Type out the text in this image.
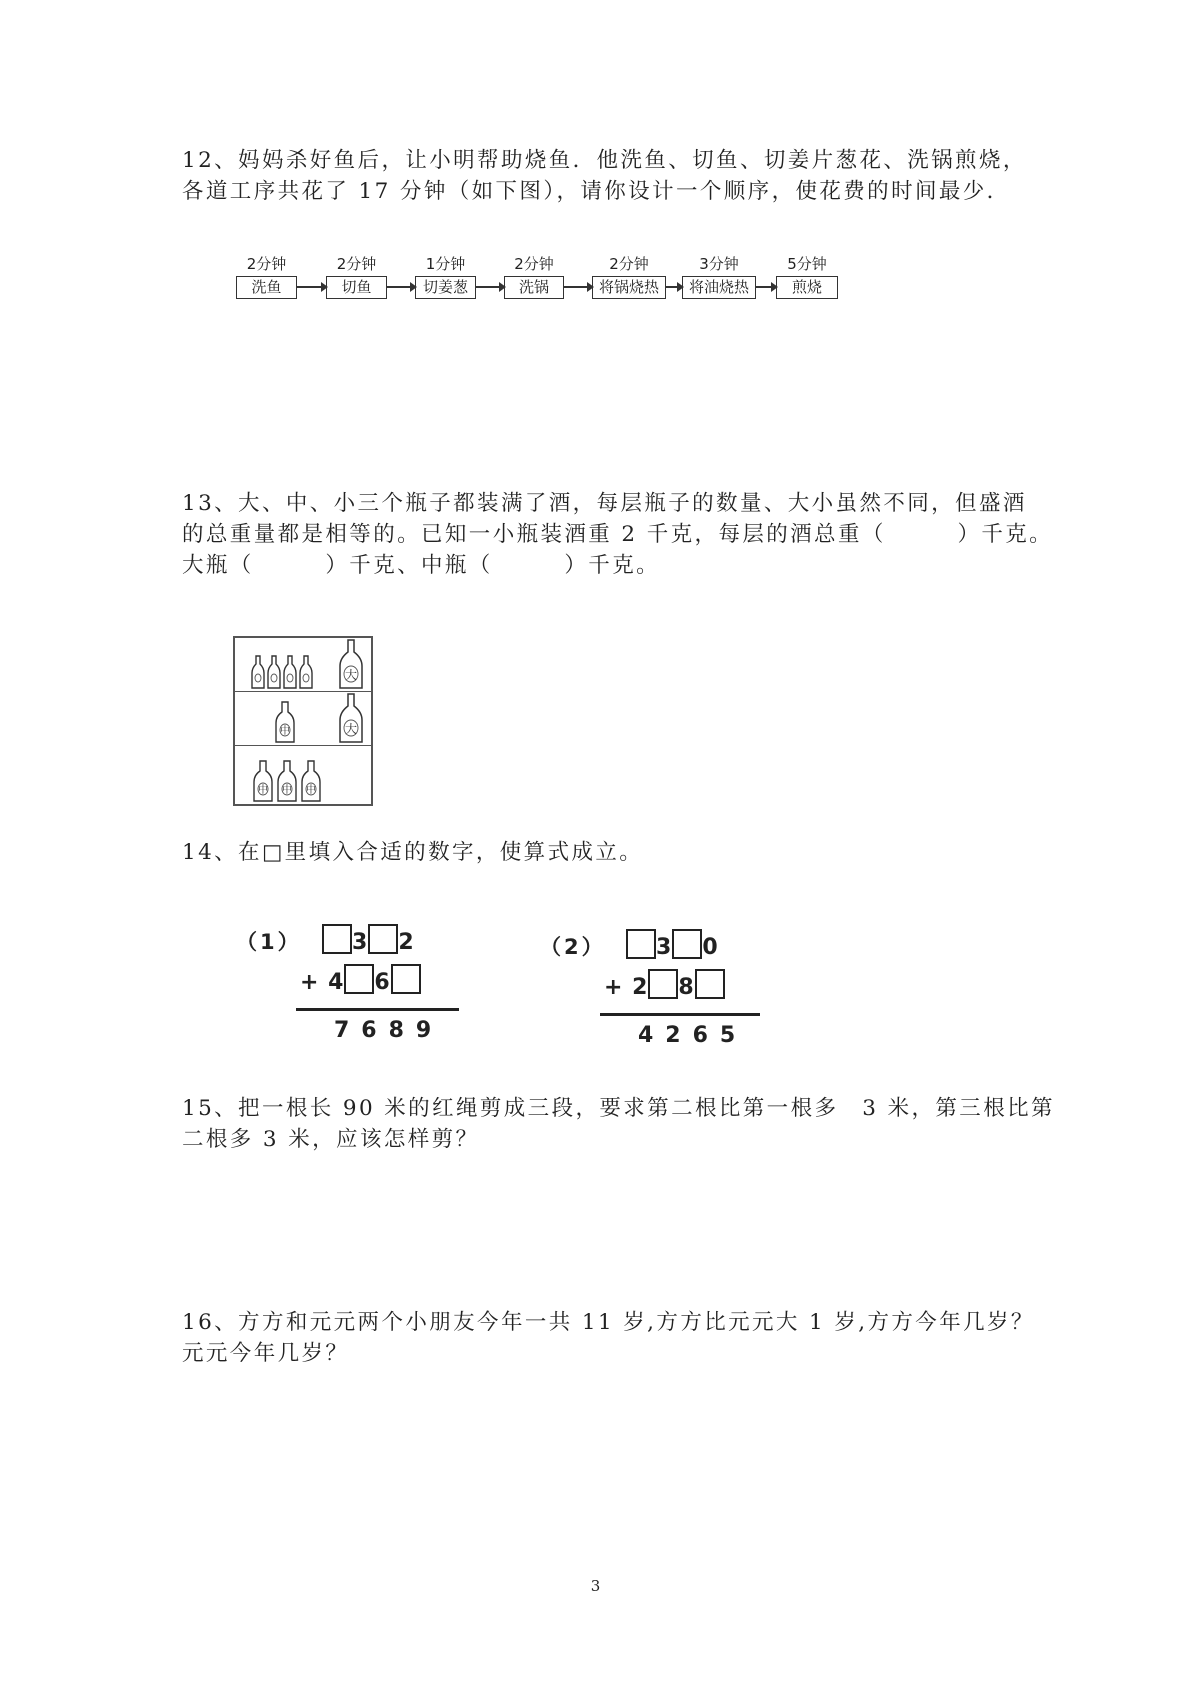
12、妈妈杀好鱼后，让小明帮助烧鱼．他洗鱼、切鱼、切姜片葱花、洗锅煎烧，
各道工序共花了 17 分钟（如下图），请你设计一个顺序，使花费的时间最少．
2分钟
洗鱼
2分钟
切鱼
1分钟
切姜葱
2分钟
洗锅
2分钟
将锅烧热
3分钟
将油烧热
5分钟
煎烧
13、大、中、小三个瓶子都装满了酒，每层瓶子的数量、大小虽然不同，但盛酒
的总重量都是相等的。已知一小瓶装酒重 2 千克，每层的酒总重（　　　）千克。
大瓶（　　　）千克、中瓶（　　　）千克。
大
中	大
中 中 中
14、在□里填入合适的数字，使算式成立。
（1）	3 2
+ 4 6
7689
（2）	3 0
+ 2 8
4265
15、把一根长 90 米的红绳剪成三段，要求第二根比第一根多　3 米，第三根比第
二根多 3 米，应该怎样剪？
16、方方和元元两个小朋友今年一共 11 岁,方方比元元大 1 岁,方方今年几岁？
元元今年几岁？
3
